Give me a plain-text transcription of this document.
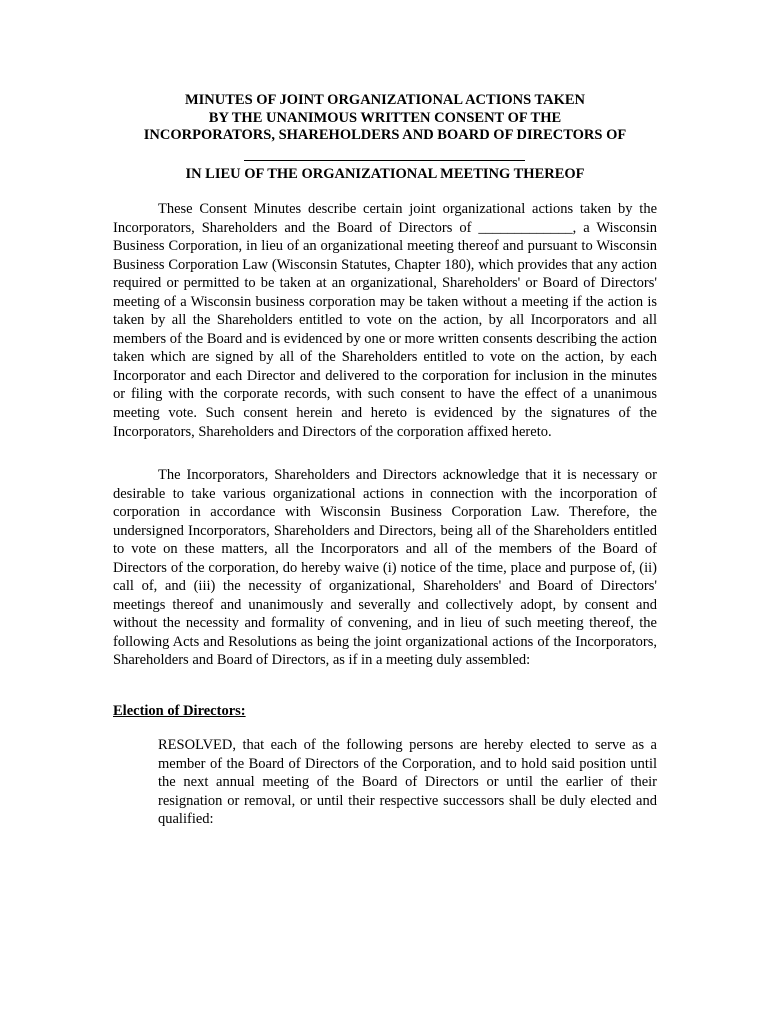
MINUTES OF JOINT ORGANIZATIONAL ACTIONS TAKEN
BY THE UNANIMOUS WRITTEN CONSENT OF THE
INCORPORATORS, SHAREHOLDERS AND BOARD OF DIRECTORS OF
IN LIEU OF THE ORGANIZATIONAL MEETING THEREOF

These Consent Minutes describe certain joint organizational actions taken by the Incorporators, Shareholders and the Board of Directors of _____________, a Wisconsin Business Corporation, in lieu of an organizational meeting thereof and pursuant to Wisconsin Business Corporation Law (Wisconsin Statutes, Chapter 180), which provides that any action required or permitted to be taken at an organizational, Shareholders' or Board of Directors' meeting of a Wisconsin business corporation may be taken without a meeting if the action is taken by all the Shareholders entitled to vote on the action, by all Incorporators and all members of the Board and is evidenced by one or more written consents describing the action taken which are signed by all of the Shareholders entitled to vote on the action, by each Incorporator and each Director and delivered to the corporation for inclusion in the minutes or filing with the corporate records, with such consent to have the effect of a unanimous meeting vote. Such consent herein and hereto is evidenced by the signatures of the Incorporators, Shareholders and Directors of the corporation affixed hereto.

The Incorporators, Shareholders and Directors acknowledge that it is necessary or desirable to take various organizational actions in connection with the incorporation of corporation in accordance with Wisconsin Business Corporation Law. Therefore, the undersigned Incorporators, Shareholders and Directors, being all of the Shareholders entitled to vote on these matters, all the Incorporators and all of the members of the Board of Directors of the corporation, do hereby waive (i) notice of the time, place and purpose of, (ii) call of, and (iii) the necessity of organizational, Shareholders' and Board of Directors' meetings thereof and unanimously and severally and collectively adopt, by consent and without the necessity and formality of convening, and in lieu of such meeting thereof, the following Acts and Resolutions as being the joint organizational actions of the Incorporators, Shareholders and Board of Directors, as if in a meeting duly assembled:

Election of Directors:

RESOLVED, that each of the following persons are hereby elected to serve as a member of the Board of Directors of the Corporation, and to hold said position until the next annual meeting of the Board of Directors or until the earlier of their resignation or removal, or until their respective successors shall be duly elected and qualified:
